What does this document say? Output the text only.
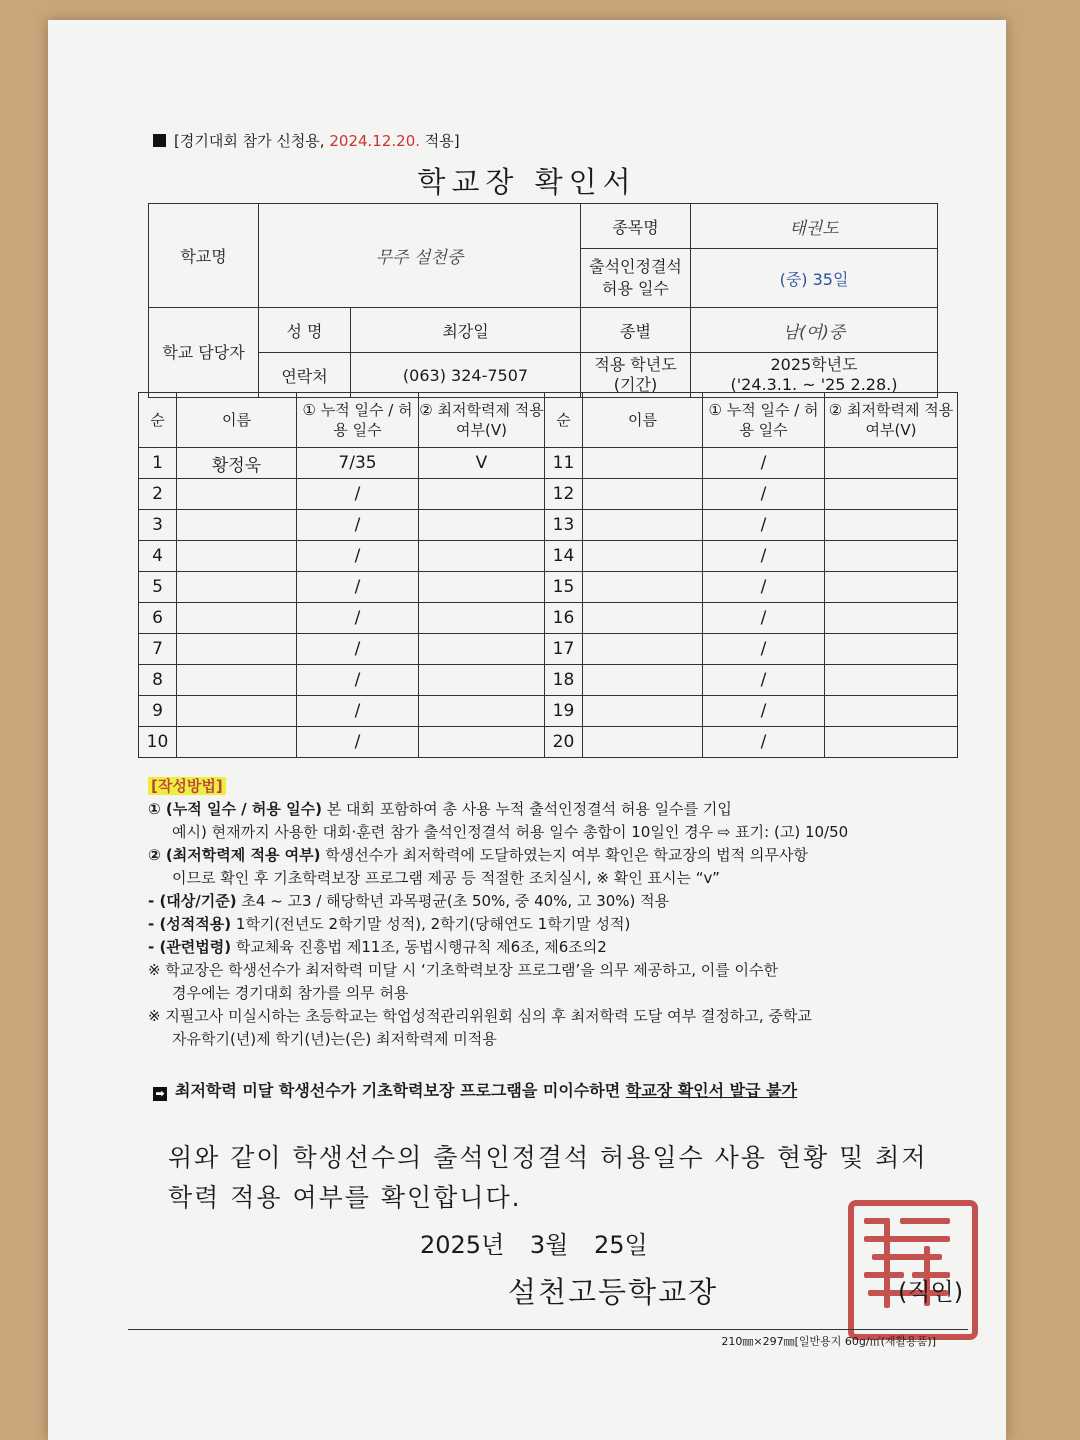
[경기대회 참가 신청용, 2024.12.20. 적용]
학교장 확인서
학교명	무주 설천중		종목명	태권도
			출석인정결석 허용 일수	(중) 35일
학교 담당자	성 명	최강일	종별	남(여)중
	연락처	(063) 324-7507	적용 학년도 (기간)	2025학년도
('24.3.1. ~ '25 2.28.)
순	이름	① 누적 일수 / 허용 일수	② 최저학력제 적용 여부(V)	순	이름	① 누적 일수 / 허용 일수	② 최저학력제 적용 여부(V)
1	황정욱	7/35	V	11		/	
2		/		12		/	
3		/		13		/	
4		/		14		/	
5		/		15		/	
6		/		16		/	
7		/		17		/	
8		/		18		/	
9		/		19		/	
10		/		20		/	

[작성방법]

① (누적 일수 / 허용 일수) 본 대회 포함하여 총 사용 누적 출석인정결석 허용 일수를 기입

예시) 현재까지 사용한 대회·훈련 참가 출석인정결석 허용 일수 총합이 10일인 경우 ⇨ 표기: (고) 10/50

② (최저학력제 적용 여부) 학생선수가 최저학력에 도달하였는지 여부 확인은 학교장의 법적 의무사항

이므로 확인 후 기초학력보장 프로그램 제공 등 적절한 조치실시, ※ 확인 표시는 “v”

- (대상/기준) 초4 ~ 고3 / 해당학년 과목평균(초 50%, 중 40%, 고 30%) 적용

- (성적적용) 1학기(전년도 2학기말 성적), 2학기(당해연도 1학기말 성적)

- (관련법령) 학교체육 진흥법 제11조, 동법시행규칙 제6조, 제6조의2

※ 학교장은 학생선수가 최저학력 미달 시 ‘기초학력보장 프로그램’을 의무 제공하고, 이를 이수한

경우에는 경기대회 참가를 의무 허용

※ 지필고사 미실시하는 초등학교는 학업성적관리위원회 심의 후 최저학력 도달 여부 결정하고, 중학교

자유학기(년)제 학기(년)는(은) 최저학력제 미적용

➡ 최저학력 미달 학생선수가 기초학력보장 프로그램을 미이수하면 학교장 확인서 발급 불가
위와 같이 학생선수의 출석인정결석 허용일수 사용 현황 및 최저학력 적용 여부를 확인합니다.
2025년 3월 25일
설천고등학교장	(직인)
210㎜×297㎜[일반용지 60g/㎡(재활용품)]
